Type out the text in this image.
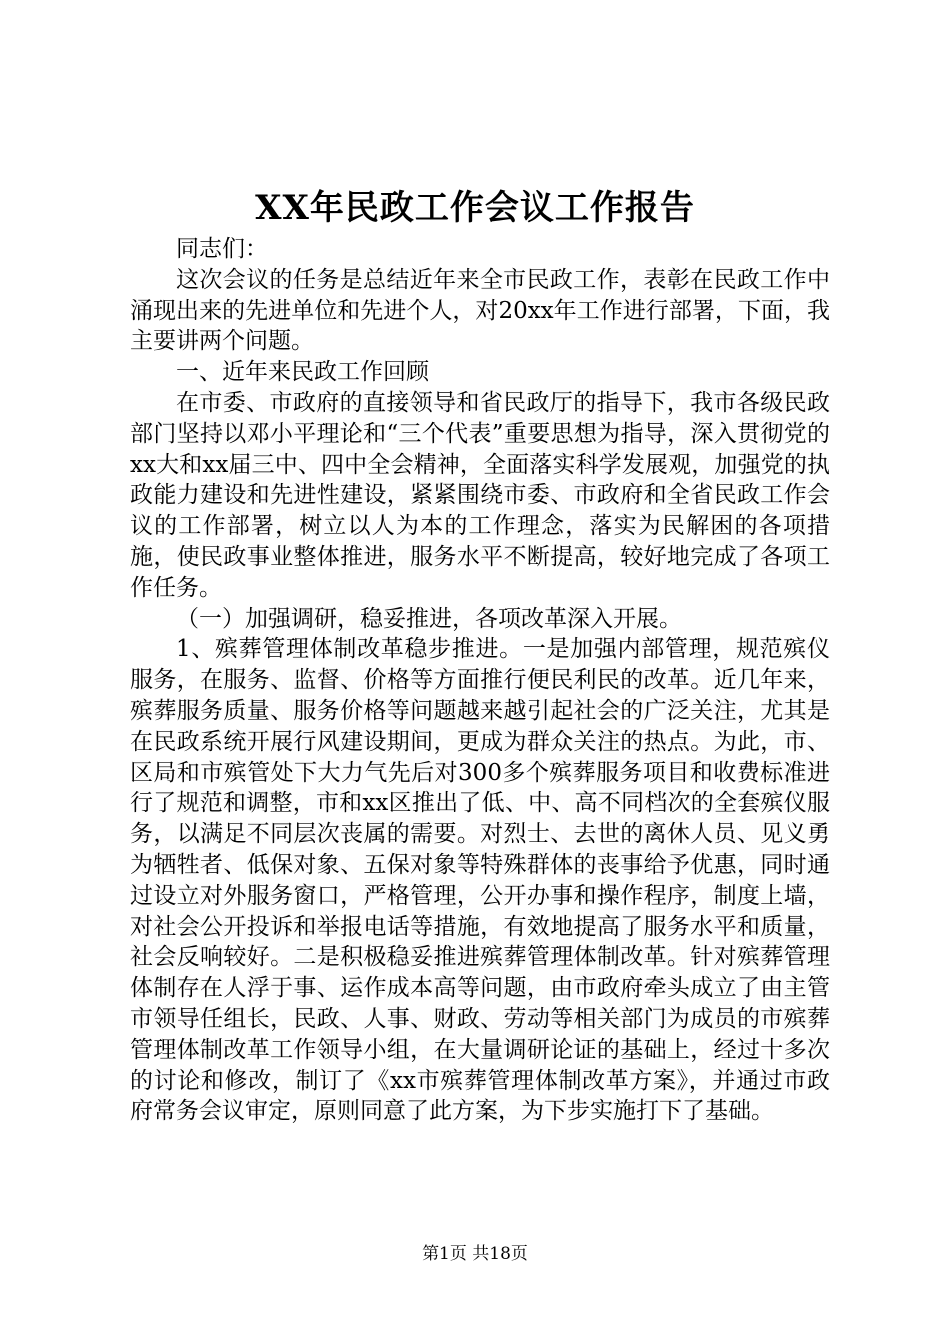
XX年民政工作会议工作报告

同志们：

这次会议的任务是总结近年来全市民政工作，表彰在民政工作中涌现出来的先进单位和先进个人，对20xx年工作进行部署，下面，我主要讲两个问题。

一、近年来民政工作回顾

在市委、市政府的直接领导和省民政厅的指导下，我市各级民政部门坚持以邓小平理论和“三个代表”重要思想为指导，深入贯彻党的xx大和xx届三中、四中全会精神，全面落实科学发展观，加强党的执政能力建设和先进性建设，紧紧围绕市委、市政府和全省民政工作会议的工作部署，树立以人为本的工作理念，落实为民解困的各项措施，使民政事业整体推进，服务水平不断提高，较好地完成了各项工作任务。

（一）加强调研，稳妥推进，各项改革深入开展。

1、殡葬管理体制改革稳步推进。一是加强内部管理，规范殡仪服务，在服务、监督、价格等方面推行便民利民的改革。近几年来，殡葬服务质量、服务价格等问题越来越引起社会的广泛关注，尤其是在民政系统开展行风建设期间，更成为群众关注的热点。为此，市、区局和市殡管处下大力气先后对300多个殡葬服务项目和收费标准进行了规范和调整，市和xx区推出了低、中、高不同档次的全套殡仪服务，以满足不同层次丧属的需要。对烈士、去世的离休人员、见义勇为牺牲者、低保对象、五保对象等特殊群体的丧事给予优惠，同时通过设立对外服务窗口，严格管理，公开办事和操作程序，制度上墙，对社会公开投诉和举报电话等措施，有效地提高了服务水平和质量，社会反响较好。二是积极稳妥推进殡葬管理体制改革。针对殡葬管理体制存在人浮于事、运作成本高等问题，由市政府牵头成立了由主管市领导任组长，民政、人事、财政、劳动等相关部门为成员的市殡葬管理体制改革工作领导小组，在大量调研论证的基础上，经过十多次的讨论和修改，制订了《xx市殡葬管理体制改革方案》，并通过市政府常务会议审定，原则同意了此方案，为下步实施打下了基础。

第1页 共18页
